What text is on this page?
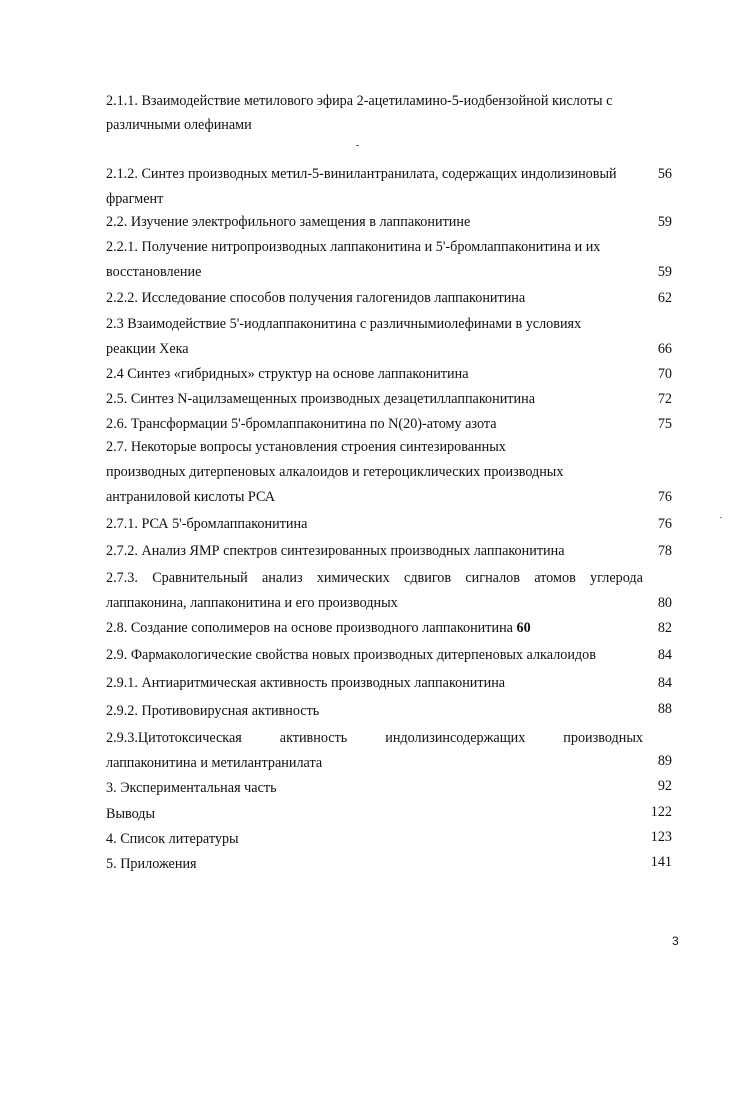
2.1.1. Взаимодействие метилового эфира 2-ацетиламино-5-иодбензойной кислоты с
различными олефинами
2.1.2. Синтез производных метил-5-винилантранилата, содержащих индолизиновый	56
фрагмент
2.2. Изучение электрофильного замещения в лаппаконитине	59
2.2.1. Получение нитропроизводных лаппаконитина и 5'-бромлаппаконитина и их
восстановление	59
2.2.2. Исследование способов получения галогенидов лаппаконитина	62
2.3 Взаимодействие 5'-иодлаппаконитина с различнымиолефинами в условиях
реакции Хека	66
2.4 Синтез «гибридных» структур на основе лаппаконитина	70
2.5. Синтез N-ацилзамещенных производных дезацетиллаппаконитина	72
2.6. Трансформации 5'-бромлаппаконитина по N(20)-атому азота	75
2.7. Некоторые вопросы установления строения синтезированных
производных дитерпеновых алкалоидов и гетероциклических производных
антраниловой кислоты РСА	76
2.7.1. РСА 5'-бромлаппаконитина	76
2.7.2. Анализ ЯМР спектров синтезированных производных лаппаконитина	78
2.7.3. Сравнительный анализ химических сдвигов сигналов атомов углерода
лаппаконина, лаппаконитина и его производных	80
2.8. Создание сополимеров на основе производного лаппаконитина 60	82
2.9. Фармакологические свойства новых производных дитерпеновых алкалоидов	84
2.9.1. Антиаритмическая активность производных лаппаконитина	84
2.9.2. Противовирусная активность	88
2.9.3.Цитотоксическая	активность	индолизинсодержащих	производных
лаппаконитина и метилантранилата	89
3. Экспериментальная часть	92
Выводы	122
4. Список литературы	123
5. Приложения	141
3
